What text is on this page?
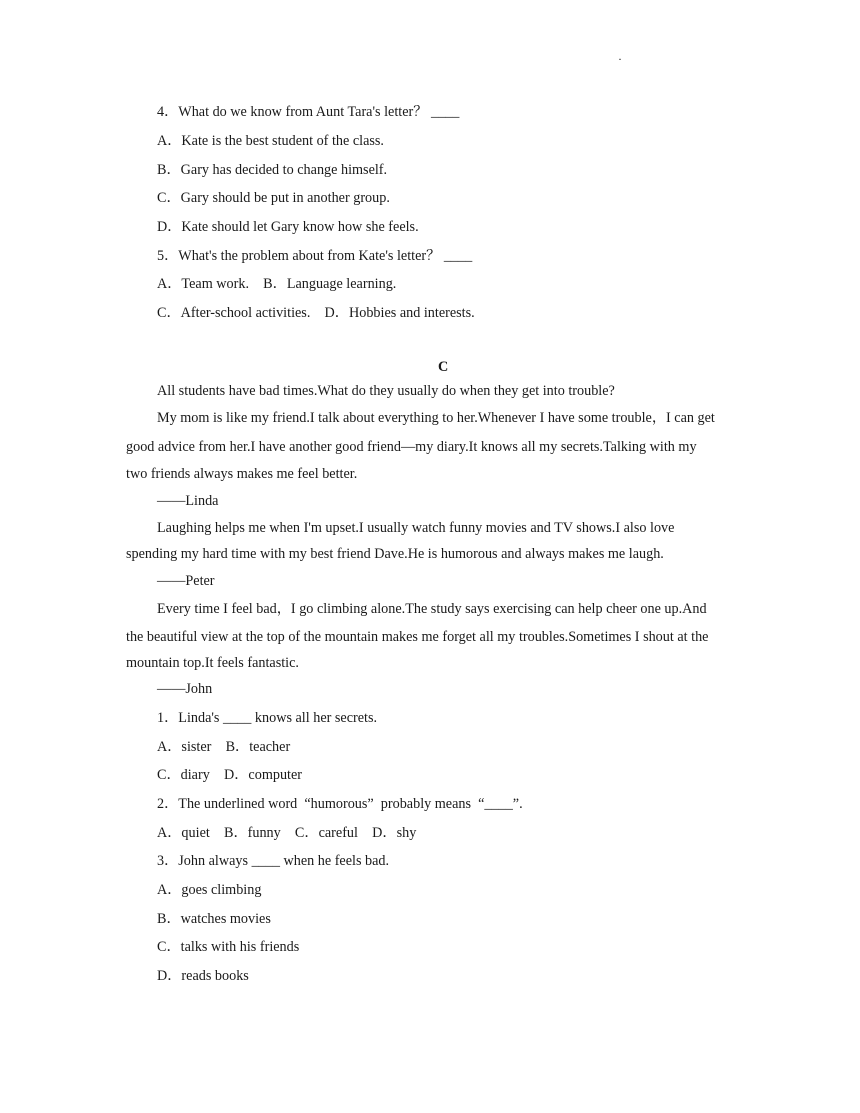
·
4．What do we know from Aunt Tara's letter？ ____
A．Kate is the best student of the class.
B．Gary has decided to change himself.
C．Gary should be put in another group.
D．Kate should let Gary know how she feels.
5．What's the problem about from Kate's letter？ ____
A．Team work.    B．Language learning.
C．After-school activities.    D．Hobbies and interests.
C
All students have bad times.What do they usually do when they get into trouble?
My mom is like my friend.I talk about everything to her.Whenever I have some trouble，I can get
good advice from her.I have another good friend—my diary.It knows all my secrets.Talking with my
two friends always makes me feel better.
——Linda
Laughing helps me when I'm upset.I usually watch funny movies and TV shows.I also love
spending my hard time with my best friend Dave.He is humorous and always makes me laugh.
——Peter
Every time I feel bad，I go climbing alone.The study says exercising can help cheer one up.And
the beautiful view at the top of the mountain makes me forget all my troubles.Sometimes I shout at the
mountain top.It feels fantastic.
——John
1．Linda's ____ knows all her secrets.
A．sister    B．teacher
C．diary    D．computer
2．The underlined word  “humorous”  probably means  “____”.
A．quiet    B．funny    C．careful    D．shy
3．John always ____ when he feels bad.
A．goes climbing
B．watches movies
C．talks with his friends
D．reads books
